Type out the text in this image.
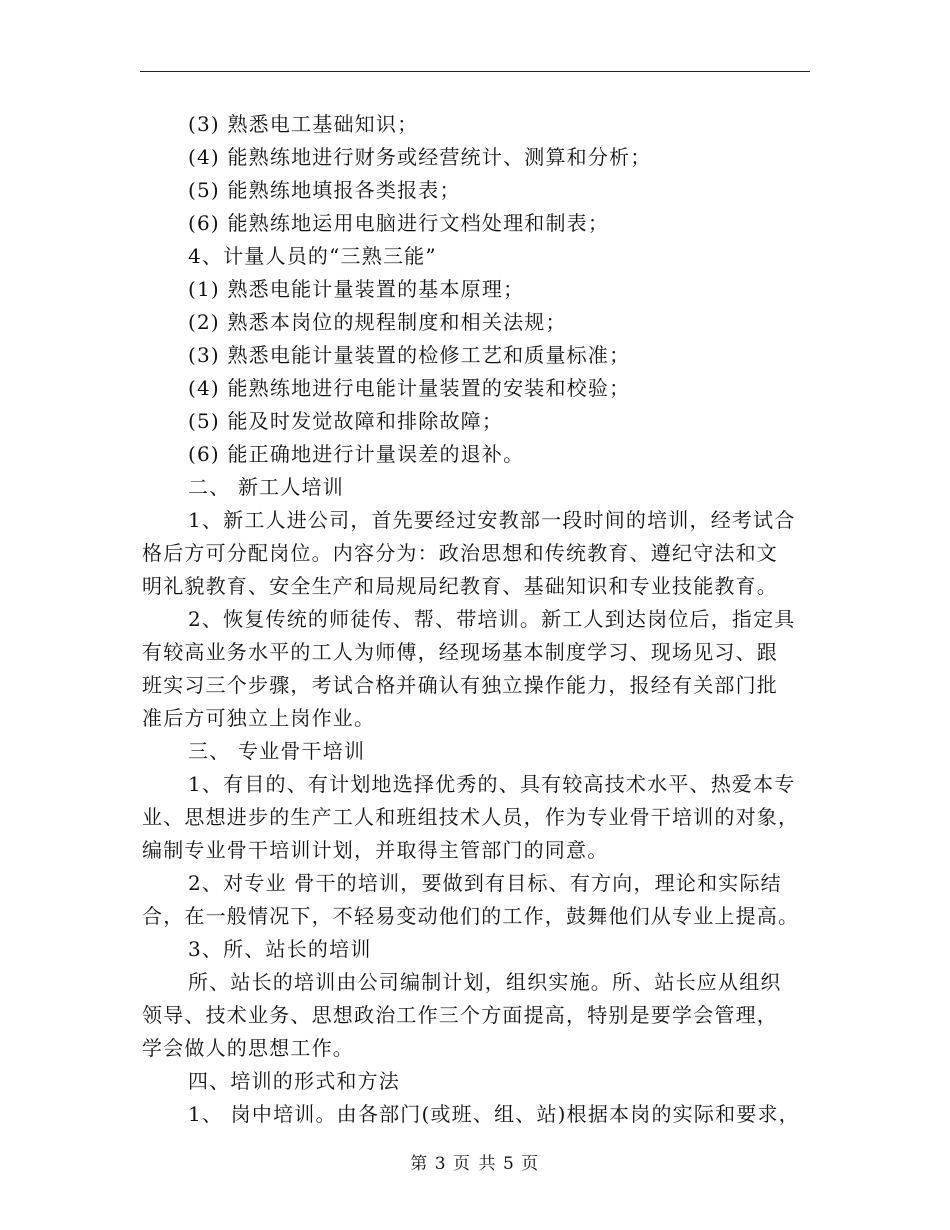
(3) 熟悉电工基础知识；
(4) 能熟练地进行财务或经营统计、测算和分析；
(5) 能熟练地填报各类报表；
(6) 能熟练地运用电脑进行文档处理和制表；
4、计量人员的“三熟三能”
(1) 熟悉电能计量装置的基本原理；
(2) 熟悉本岗位的规程制度和相关法规；
(3) 熟悉电能计量装置的检修工艺和质量标准；
(4) 能熟练地进行电能计量装置的安装和校验；
(5) 能及时发觉故障和排除故障；
(6) 能正确地进行计量误差的退补。
二、 新工人培训
1、新工人进公司，首先要经过安教部一段时间的培训，经考试合
格后方可分配岗位。内容分为：政治思想和传统教育、遵纪守法和文
明礼貌教育、安全生产和局规局纪教育、基础知识和专业技能教育。
2、恢复传统的师徒传、帮、带培训。新工人到达岗位后，指定具
有较高业务水平的工人为师傅，经现场基本制度学习、现场见习、跟
班实习三个步骤，考试合格并确认有独立操作能力，报经有关部门批
准后方可独立上岗作业。
三、 专业骨干培训
1、有目的、有计划地选择优秀的、具有较高技术水平、热爱本专
业、思想进步的生产工人和班组技术人员，作为专业骨干培训的对象，
编制专业骨干培训计划，并取得主管部门的同意。
2、对专业 骨干的培训，要做到有目标、有方向，理论和实际结
合，在一般情况下，不轻易变动他们的工作，鼓舞他们从专业上提高。
3、所、站长的培训
所、站长的培训由公司编制计划，组织实施。所、站长应从组织
领导、技术业务、思想政治工作三个方面提高，特别是要学会管理，
学会做人的思想工作。
四、培训的形式和方法
1、 岗中培训。由各部门(或班、组、站)根据本岗的实际和要求，
第 3 页 共 5 页
